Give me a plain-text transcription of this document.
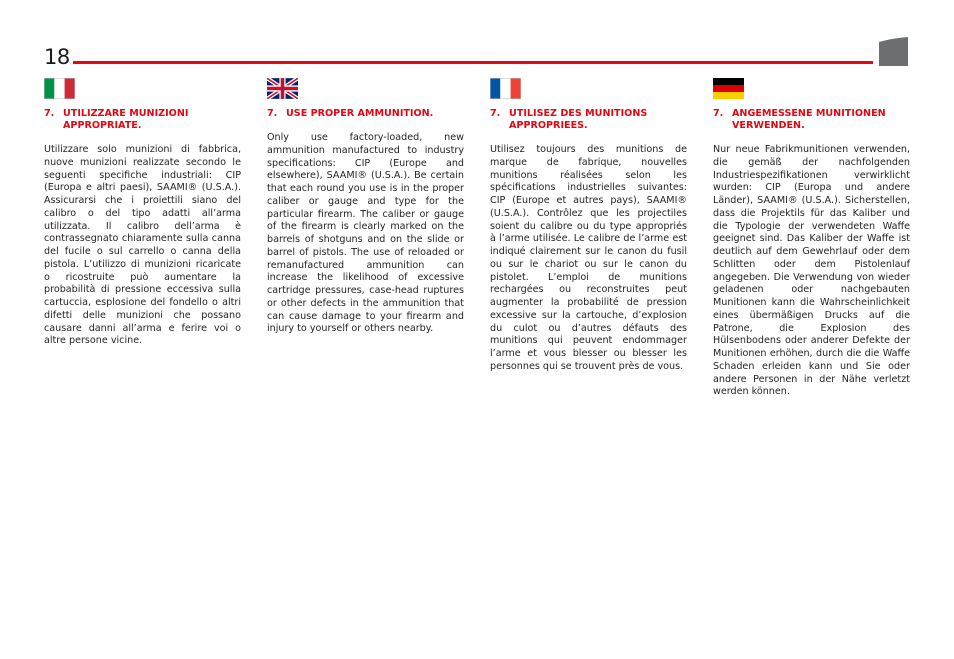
18
7. UTILIZZARE MUNIZIONI APPROPRIATE.

Utilizzare solo munizioni di fabbrica, nuove munizioni realizzate secondo le seguenti specifiche industriali: CIP (Europa e altri paesi), SAAMI® (U.S.A.). Assicurarsi che i proiettili siano del calibro o del tipo adatti all’arma utilizzata. Il calibro dell’arma è contrassegnato chiaramente sulla canna del fucile o sul carrello o canna della pistola. L’utilizzo di munizioni ricaricate o ricostruite può aumentare la probabilità di pressione eccessiva sulla cartuccia, esplosione del fondello o altri difetti delle munizioni che possano causare danni all’arma e ferire voi o altre persone vicine.

7. USE PROPER AMMUNITION.

Only use factory-loaded, new ammunition manufactured to industry specifications: CIP (Europe and elsewhere), SAAMI® (U.S.A.). Be certain that each round you use is in the proper caliber or gauge and type for the particular firearm. The caliber or gauge of the firearm is clearly marked on the barrels of shotguns and on the slide or barrel of pistols. The use of reloaded or remanufactured ammunition can increase the likelihood of excessive cartridge pressures, case-head ruptures or other defects in the ammunition that can cause damage to your firearm and injury to yourself or others nearby.

7. UTILISEZ DES MUNITIONS APPROPRIEES.

Utilisez toujours des munitions de marque de fabrique, nouvelles munitions réalisées selon les spécifications industrielles suivantes: CIP (Europe et autres pays), SAAMI® (U.S.A.). Contrôlez que les projectiles soient du calibre ou du type appropriés à l’arme utilisée. Le calibre de l’arme est indiqué clairement sur le canon du fusil ou sur le chariot ou sur le canon du pistolet. L’emploi de munitions rechargées ou reconstruites peut augmenter la probabilité de pression excessive sur la cartouche, d’explosion du culot ou d’autres défauts des munitions qui peuvent endommager l’arme et vous blesser ou blesser les personnes qui se trouvent près de vous.

7. ANGEMESSENE MUNITIONEN VERWENDEN.

Nur neue Fabrikmunitionen verwenden, die gemäß der nachfolgenden Industriespezifikationen verwirklicht wurden: CIP (Europa und andere Länder), SAAMI® (U.S.A.). Sicherstellen, dass die Projektils für das Kaliber und die Typologie der verwendeten Waffe geeignet sind. Das Kaliber der Waffe ist deutlich auf dem Gewehrlauf oder dem Schlitten oder dem Pistolenlauf angegeben. Die Verwendung von wieder geladenen oder nachgebauten Munitionen kann die Wahrscheinlichkeit eines übermäßigen Drucks auf die Patrone, die Explosion des Hülsenbodens oder anderer Defekte der Munitionen erhöhen, durch die die Waffe Schaden erleiden kann und Sie oder andere Personen in der Nähe verletzt werden können.
